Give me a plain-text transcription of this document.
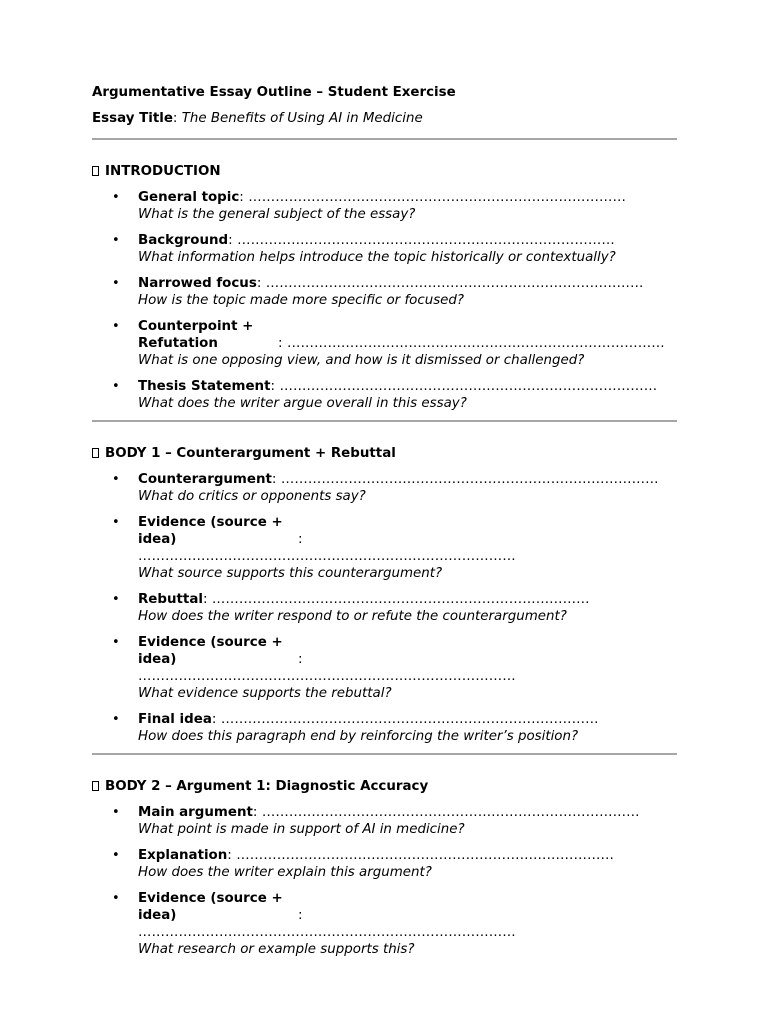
Argumentative Essay Outline – Student Exercise
Essay Title: The Benefits of Using AI in Medicine
INTRODUCTION
• General topic: …………………………………………………………………………
What is the general subject of the essay?
• Background: …………………………………………………………………………
What information helps introduce the topic historically or contextually?
• Narrowed focus: …………………………………………………………………………
How is the topic made more specific or focused?
• Counterpoint + Refutation	: …………………………………………………………………………
What is one opposing view, and how is it dismissed or challenged?
• Thesis Statement: …………………………………………………………………………
What does the writer argue overall in this essay?
BODY 1 – Counterargument + Rebuttal
• Counterargument: …………………………………………………………………………
What do critics or opponents say?
• Evidence (source + idea)	: …………………………………………………………………………
What source supports this counterargument?
• Rebuttal: …………………………………………………………………………
How does the writer respond to or refute the counterargument?
• Evidence (source + idea)	: …………………………………………………………………………
What evidence supports the rebuttal?
• Final idea: …………………………………………………………………………
How does this paragraph end by reinforcing the writer’s position?
BODY 2 – Argument 1: Diagnostic Accuracy
• Main argument: …………………………………………………………………………
What point is made in support of AI in medicine?
• Explanation: …………………………………………………………………………
How does the writer explain this argument?
• Evidence (source + idea)	: …………………………………………………………………………
What research or example supports this?
